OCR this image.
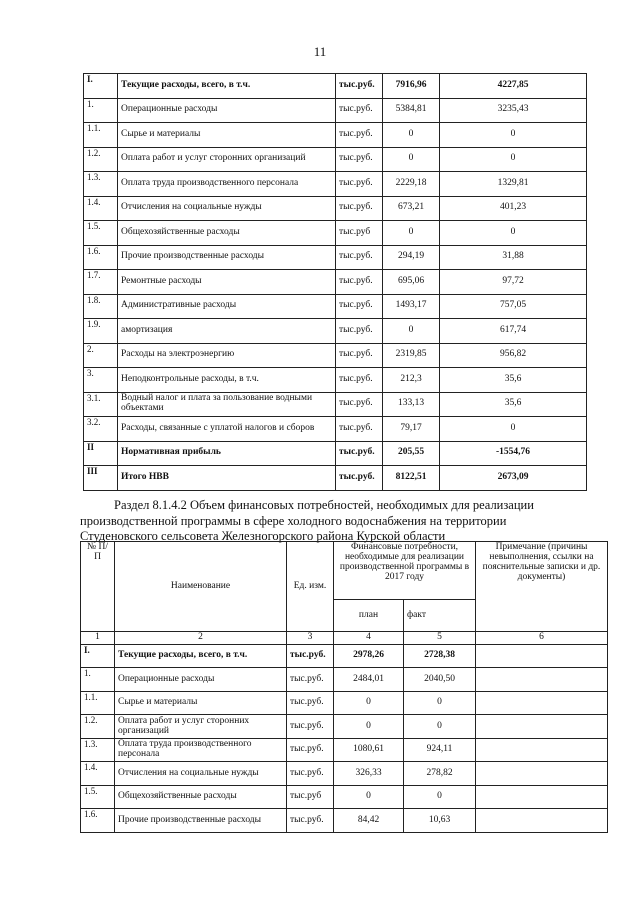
11
I.	Текущие расходы, всего, в т.ч.	тыс.руб.	7916,96	4227,85
1.	Операционные расходы	тыс.руб.	5384,81	3235,43
1.1.	Сырье и материалы	тыс.руб.	0	0
1.2.	Оплата работ и услуг сторонних организаций	тыс.руб.	0	0
1.3.	Оплата труда производственного персонала	тыс.руб.	2229,18	1329,81
1.4.	Отчисления на социальные нужды	тыс.руб.	673,21	401,23
1.5.	Общехозяйственные расходы	тыс.руб	0	0
1.6.	Прочие производственные расходы	тыс.руб.	294,19	31,88
1.7.	Ремонтные расходы	тыс.руб.	695,06	97,72
1.8.	Административные расходы	тыс.руб.	1493,17	757,05
1.9.	амортизация	тыс.руб.	0	617,74
2.	Расходы на электроэнергию	тыс.руб.	2319,85	956,82
3.	Неподконтрольные расходы, в т.ч.	тыс.руб.	212,3	35,6
3.1.	Водный налог и плата за пользование водными объектами	тыс.руб.	133,13	35,6
3.2.	Расходы, связанные с уплатой налогов и сборов	тыс.руб.	79,17	0
II	Нормативная прибыль	тыс.руб.	205,55	-1554,76
III	Итого НВВ	тыс.руб.	8122,51	2673,09
Раздел 8.1.4.2 Объем финансовых потребностей, необходимых для реализации
производственной программы в сфере холодного водоснабжения на территории
Студеновского сельсовета Железногорского района Курской области
№ П/П	Наименование	Ед. изм.	Финансовые потребности, необходимые для реализации производственной программы в 2017 году		Примечание (причины невыполнения, ссылки на пояснительные записки и др. документы)
			план	факт	
1	2	3	4	5	6
I.	Текущие расходы, всего, в т.ч.	тыс.руб.	2978,26	2728,38	
1.	Операционные расходы	тыс.руб.	2484,01	2040,50	
1.1.	Сырье и материалы	тыс.руб.	0	0	
1.2.	Оплата работ и услуг сторонних организаций	тыс.руб.	0	0	
1.3.	Оплата труда производственного персонала	тыс.руб.	1080,61	924,11	
1.4.	Отчисления на социальные нужды	тыс.руб.	326,33	278,82	
1.5.	Общехозяйственные расходы	тыс.руб	0	0	
1.6.	Прочие производственные расходы	тыс.руб.	84,42	10,63	
